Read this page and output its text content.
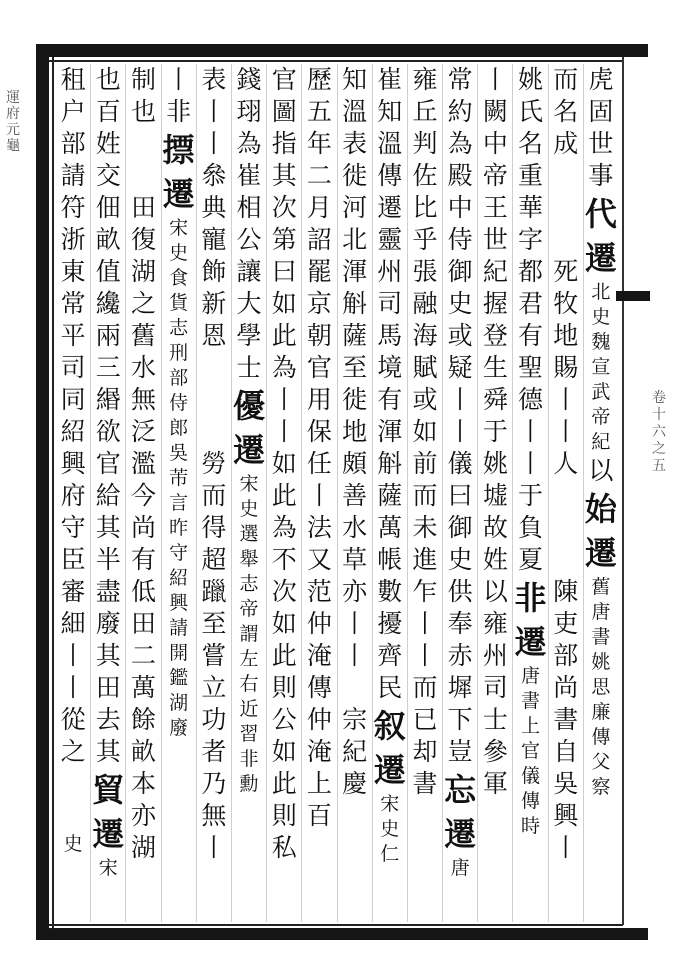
運
府
元
龜
卷
十
六
之
五
虎
固
世
事
代
遷
北
史
魏
宣
武
帝
紀
以
始
遷
舊
唐
書
姚
思
廉
傳
父
察
而
名
成
死
牧
地
賜
丨
丨
人
陳
吏
部
尚
書
自
吳
興
丨
姚
氏
名
重
華
字
都
君
有
聖
德
丨
丨
于
負
夏
非
遷
唐
書
上
官
儀
傳
時
丨
闕
中
帝
王
世
紀
握
登
生
舜
于
姚
墟
故
姓
以
雍
州
司
士
參
軍
常
約
為
殿
中
侍
御
史
或
疑
丨
丨
儀
曰
御
史
供
奉
赤
墀
下
豈
忘
遷
唐
雍
丘
判
佐
比
乎
張
融
海
賦
或
如
前
而
未
進
乍
丨
丨
而
已
却
書
崔
知
溫
傳
遷
靈
州
司
馬
境
有
渾
斛
薩
萬
帳
數
擾
齊
民
叙
遷
宋
史
仁
知
溫
表
徙
河
北
渾
斛
薩
至
徙
地
頗
善
水
草
亦
丨
丨
宗
紀
慶
歷
五
年
二
月
詔
罷
京
朝
官
用
保
任
丨
法
又
范
仲
淹
傳
仲
淹
上
百
官
圖
指
其
次
第
曰
如
此
為
丨
丨
如
此
為
不
次
如
此
則
公
如
此
則
私
錢
珝
為
崔
相
公
讓
大
學
士
優
遷
宋
史
選
舉
志
帝
謂
左
右
近
習
非
勳
表
丨
丨
叅
典
寵
飾
新
恩
勞
而
得
超
躐
至
嘗
立
功
者
乃
無
丨
丨
非
摽
遷
宋
史
食
貨
志
刑
部
侍
郎
吳
芾
言
昨
守
紹
興
請
開
鑑
湖
廢
制
也
田
復
湖
之
舊
水
無
泛
濫
今
尚
有
低
田
二
萬
餘
畝
本
亦
湖
也
百
姓
交
佃
畝
值
纔
兩
三
緡
欲
官
給
其
半
盡
廢
其
田
去
其
貿
遷
宋
租
户
部
請
符
浙
東
常
平
司
同
紹
興
府
守
臣
審
細
丨
丨
從
之
史
